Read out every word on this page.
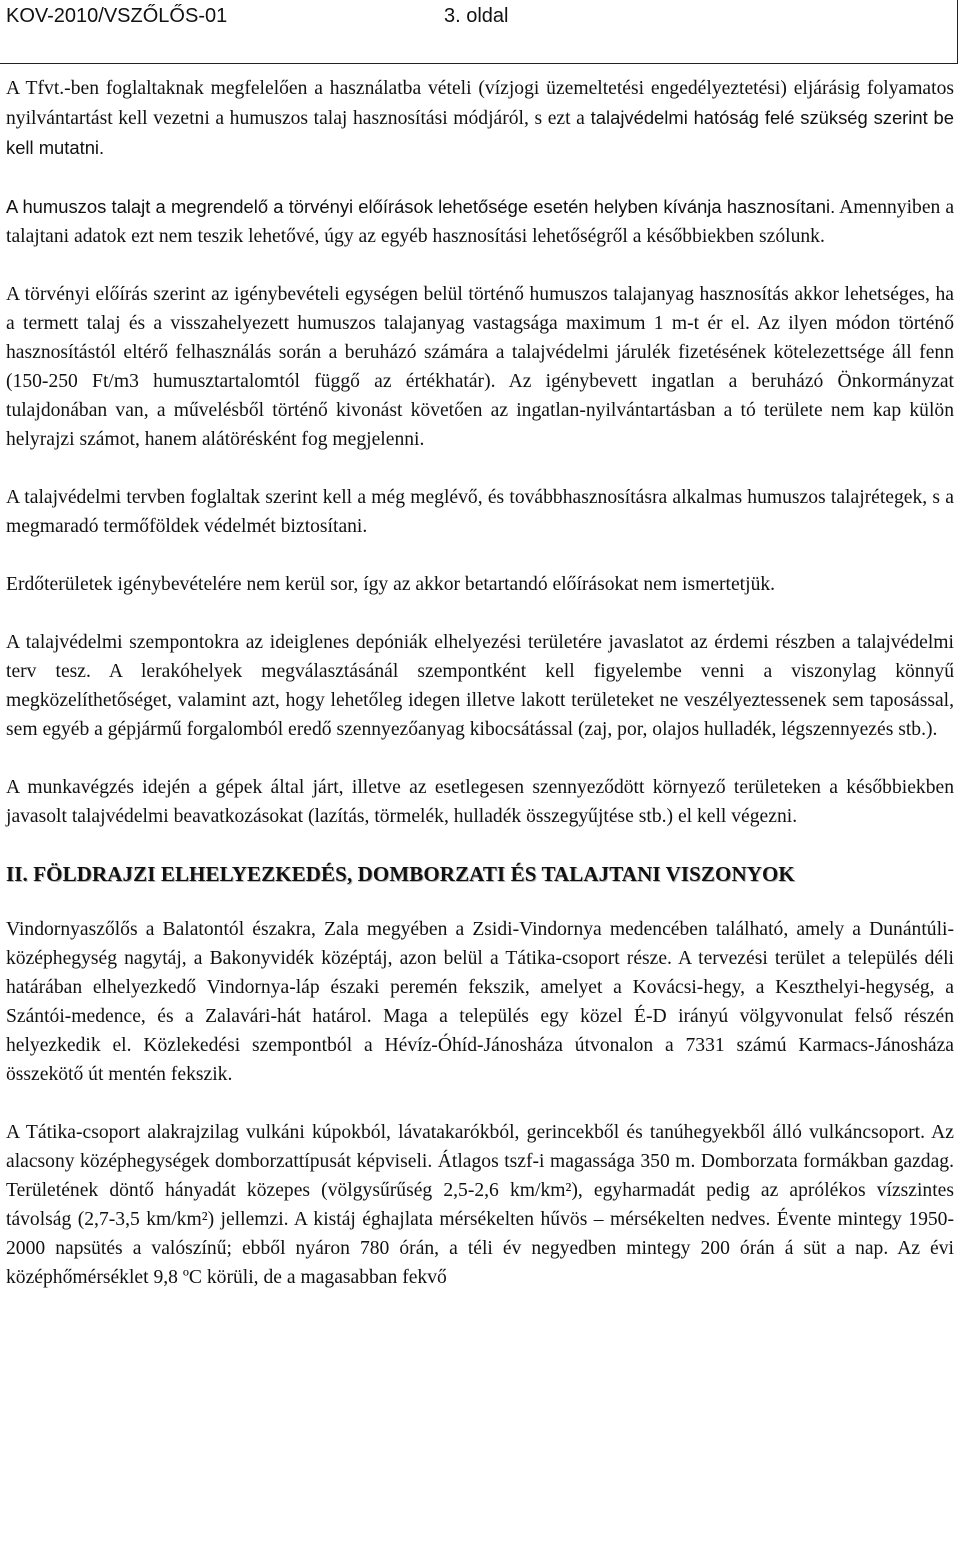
KOV-2010/VSZŐLŐS-01	3. oldal

A Tfvt.-ben foglaltaknak megfelelően a használatba vételi (vízjogi üzemeltetési engedélyeztetési) eljárásig folyamatos nyilvántartást kell vezetni a humuszos talaj hasznosítási módjáról, s ezt a talajvédelmi hatóság felé szükség szerint be kell mutatni.

A humuszos talajt a megrendelő a törvényi előírások lehetősége esetén helyben kívánja hasznosítani. Amennyiben a talajtani adatok ezt nem teszik lehetővé, úgy az egyéb hasznosítási lehetőségről a későbbiekben szólunk.

A törvényi előírás szerint az igénybevételi egységen belül történő humuszos talajanyag hasznosítás akkor lehetséges, ha a termett talaj és a visszahelyezett humuszos talajanyag vastagsága maximum 1 m-t ér el. Az ilyen módon történő hasznosítástól eltérő felhasználás során a beruházó számára a talajvédelmi járulék fizetésének kötelezettsége áll fenn (150-250 Ft/m3 humusztartalomtól függő az értékhatár). Az igénybevett ingatlan a beruházó Önkormányzat tulajdonában van, a művelésből történő kivonást követően az ingatlan-nyilvántartásban a tó területe nem kap külön helyrajzi számot, hanem alátörésként fog megjelenni.

A talajvédelmi tervben foglaltak szerint kell a még meglévő, és továbbhasznosításra alkalmas humuszos talajrétegek, s a megmaradó termőföldek védelmét biztosítani.

Erdőterületek igénybevételére nem kerül sor, így az akkor betartandó előírásokat nem ismertetjük.

A talajvédelmi szempontokra az ideiglenes depóniák elhelyezési területére javaslatot az érdemi részben a talajvédelmi terv tesz. A lerakóhelyek megválasztásánál szempontként kell figyelembe venni a viszonylag könnyű megközelíthetőséget, valamint azt, hogy lehetőleg idegen illetve lakott területeket ne veszélyeztessenek sem taposással, sem egyéb a gépjármű forgalomból eredő szennyezőanyag kibocsátással (zaj, por, olajos hulladék, légszennyezés stb.).

A munkavégzés idején a gépek által járt, illetve az esetlegesen szennyeződött környező területeken a későbbiekben javasolt talajvédelmi beavatkozásokat (lazítás, törmelék, hulladék összegyűjtése stb.) el kell végezni.

II. FÖLDRAJZI ELHELYEZKEDÉS, DOMBORZATI ÉS TALAJTANI VISZONYOK

Vindornyaszőlős a Balatontól északra, Zala megyében a Zsidi-Vindornya medencében található, amely a Dunántúli-középhegység nagytáj, a Bakonyvidék középtáj, azon belül a Tátika-csoport része. A tervezési terület a település déli határában elhelyezkedő Vindornya-láp északi peremén fekszik, amelyet a Kovácsi-hegy, a Keszthelyi-hegység, a Szántói-medence, és a Zalavári-hát határol. Maga a település egy közel É-D irányú völgyvonulat felső részén helyezkedik el. Közlekedési szempontból a Hévíz-Óhíd-Jánosháza útvonalon a 7331 számú Karmacs-Jánosháza összekötő út mentén fekszik.

A Tátika-csoport alakrajzilag vulkáni kúpokból, lávatakarókból, gerincekből és tanúhegyekből álló vulkáncsoport. Az alacsony középhegységek domborzattípusát képviseli. Átlagos tszf-i magassága 350 m. Domborzata formákban gazdag. Területének döntő hányadát közepes (völgysűrűség 2,5-2,6 km/km²), egyharmadát pedig az aprólékos vízszintes távolság (2,7-3,5 km/km²) jellemzi. A kistáj éghajlata mérsékelten hűvös – mérsékelten nedves. Évente mintegy 1950-2000 napsütés a valószínű; ebből nyáron 780 órán, a téli év negyedben mintegy 200 órán á süt a nap. Az évi középhőmérséklet 9,8 ºC körüli, de a magasabban fekvő
